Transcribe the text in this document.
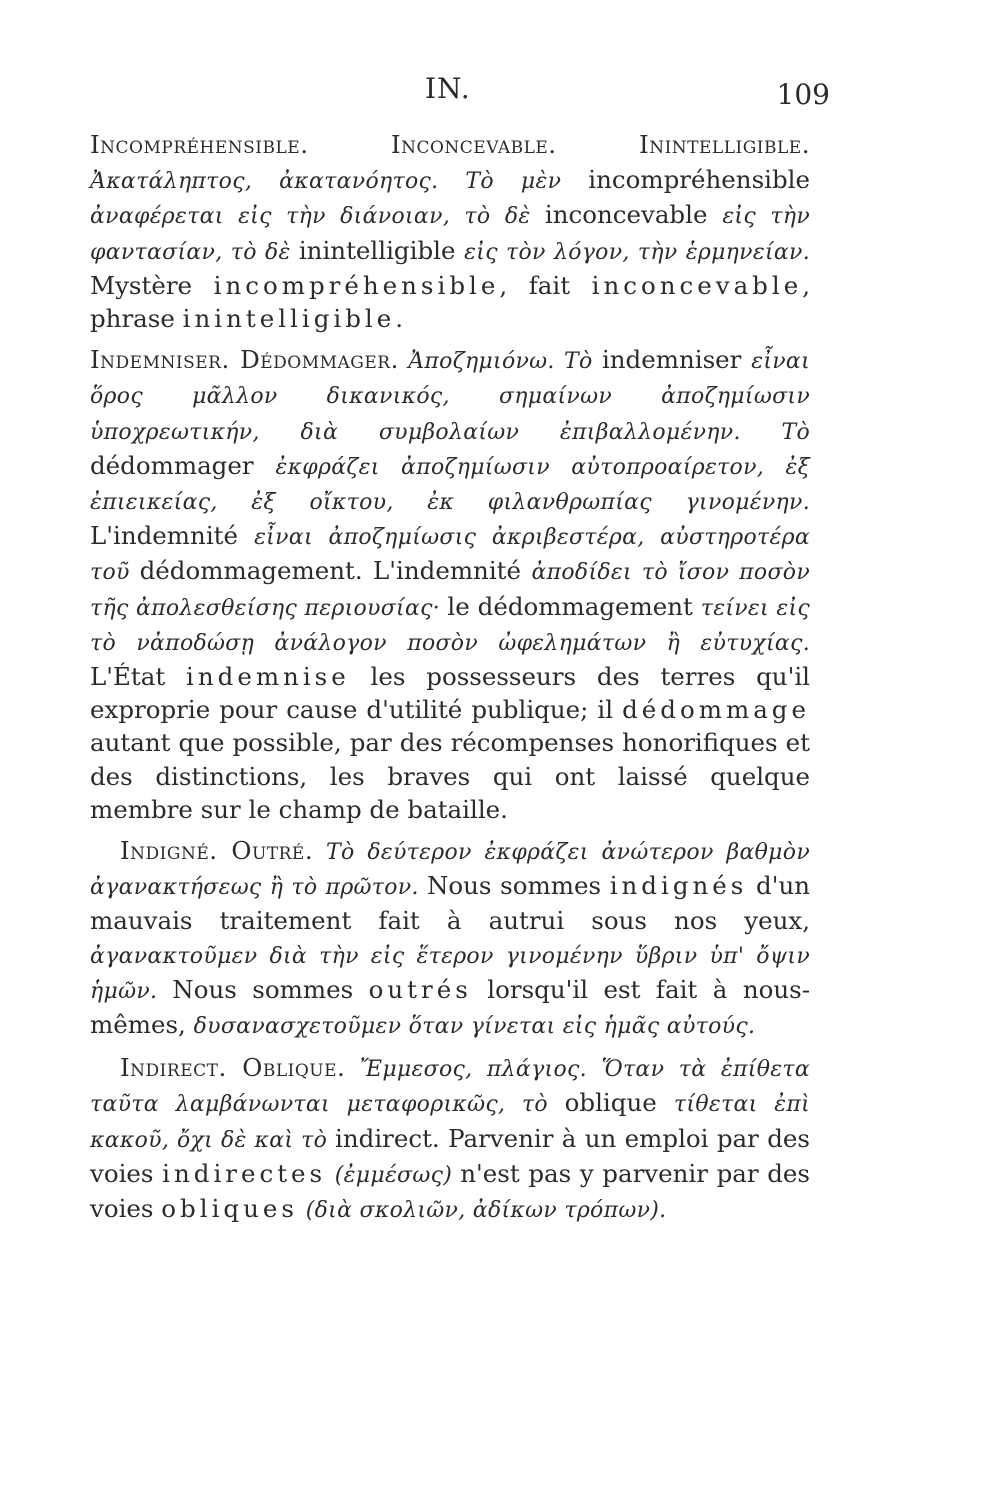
IN.	109

Incompréhensible. Inconcevable. Inintelligible. Ἀκατάληπτος, ἀκατανόητος. Τὸ μὲν incompréhensible ἀναφέρεται εἰς τὴν διάνοιαν, τὸ δὲ inconcevable εἰς τὴν φαντασίαν, τὸ δὲ inintelligible εἰς τὸν λόγον, τὴν ἑρμηνείαν. Mystère incompréhensible, fait inconcevable, phrase inintelligible.

Indemniser. Dédommager. Ἀποζημιόνω. Τὸ indemniser εἶναι ὅρος μᾶλλον δικανικός, σημαίνων ἀποζημίωσιν ὑποχρεωτικήν, διὰ συμβολαίων ἐπιβαλλομένην. Τὸ dédommager ἐκφράζει ἀποζημίωσιν αὐτοπροαίρετον, ἐξ ἐπιεικείας, ἐξ οἴκτου, ἐκ φιλανθρωπίας γινομένην. L'indemnité εἶναι ἀποζημίωσις ἀκριβεστέρα, αὐστηροτέρα τοῦ dédommagement. L'indemnité ἀποδίδει τὸ ἴσον ποσὸν τῆς ἀπολεσθείσης περιουσίας· le dédommagement τείνει εἰς τὸ νἀποδώσῃ ἀνάλογον ποσὸν ὠφελημάτων ἢ εὐτυχίας. L'État indemnise les possesseurs des terres qu'il exproprie pour cause d'utilité publique; il dédommage autant que possible, par des récompenses honorifiques et des distinctions, les braves qui ont laissé quelque membre sur le champ de bataille.

Indigné. Outré. Τὸ δεύτερον ἐκφράζει ἀνώτερον βαθμὸν ἀγανακτήσεως ἢ τὸ πρῶτον. Nous sommes indignés d'un mauvais traitement fait à autrui sous nos yeux, ἀγανακτοῦμεν διὰ τὴν εἰς ἕτερον γινομένην ὕβριν ὑπ' ὄψιν ἡμῶν. Nous sommes outrés lorsqu'il est fait à nous-mêmes, δυσανασχετοῦμεν ὅταν γίνεται εἰς ἡμᾶς αὐτούς.

Indirect. Oblique. Ἔμμεσος, πλάγιος. Ὅταν τὰ ἐπίθετα ταῦτα λαμβάνωνται μεταφορικῶς, τὸ oblique τίθεται ἐπὶ κακοῦ, ὄχι δὲ καὶ τὸ indirect. Parvenir à un emploi par des voies indirectes (ἐμμέσως) n'est pas y parvenir par des voies obliques (διὰ σκολιῶν, ἀδίκων τρόπων).
